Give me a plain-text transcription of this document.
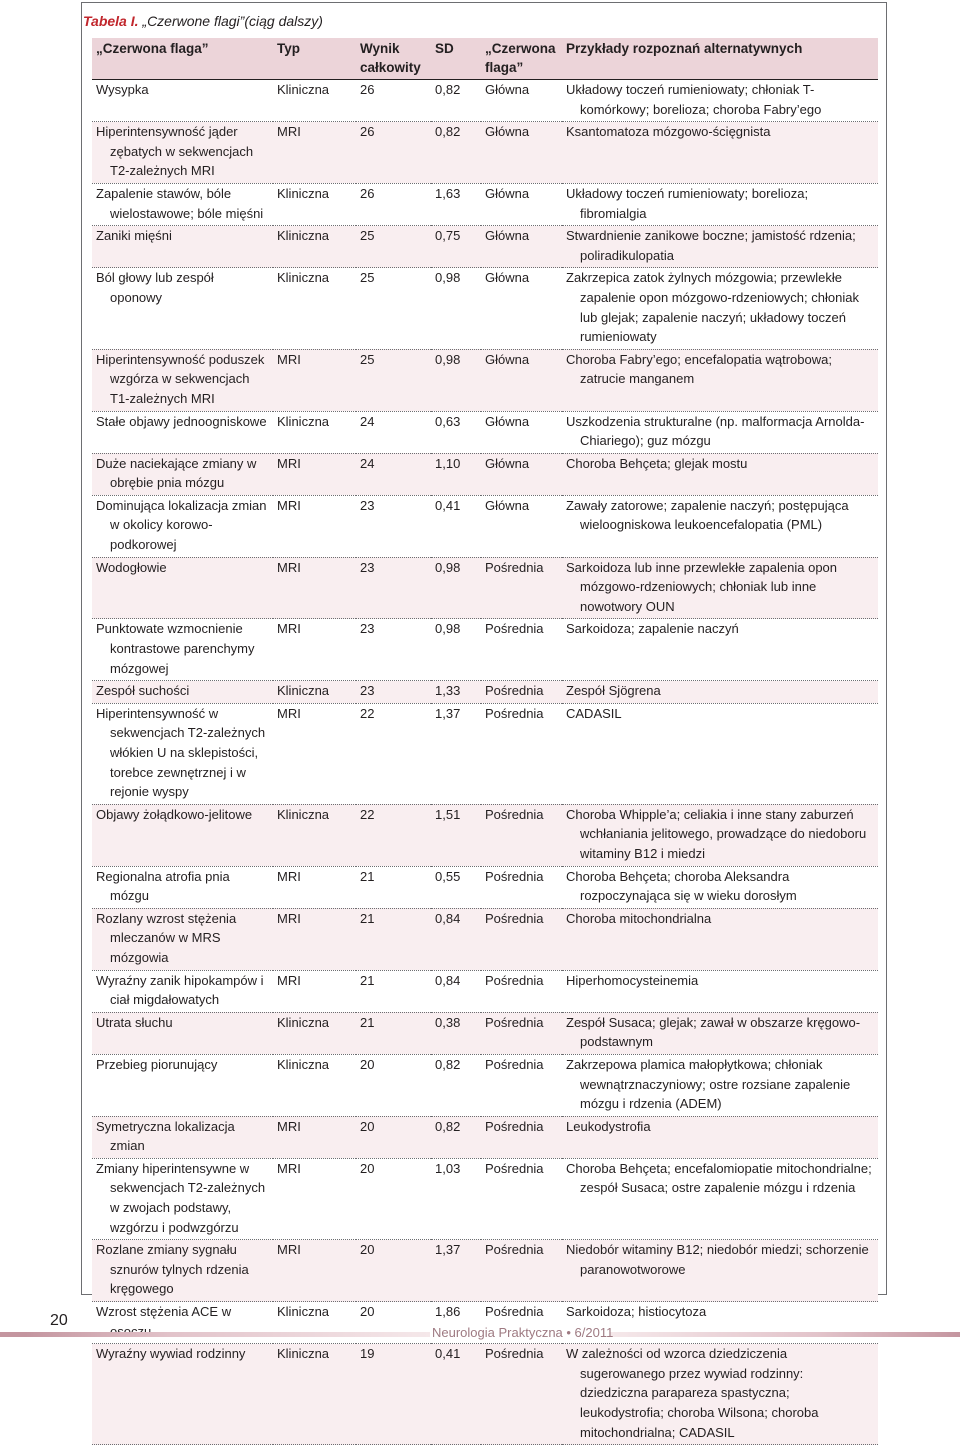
Tabela I. „Czerwone flagi”(ciąg dalszy)
„Czerwona flaga”	Typ	Wynik całkowity	SD	„Czerwona flaga”	Przykłady rozpoznań alternatywnych
Wysypka	Kliniczna	26	0,82	Główna	Układowy toczeń rumieniowaty; chłoniak T-komórkowy; borelioza; choroba Fabry’ego
Hiperintensywność jąder zębatych w sekwencjach T2-zależnych MRI	MRI	26	0,82	Główna	Ksantomatoza mózgowo-ścięgnista
Zapalenie stawów, bóle wielostawowe; bóle mięśni	Kliniczna	26	1,63	Główna	Układowy toczeń rumieniowaty; borelioza; fibromialgia
Zaniki mięśni	Kliniczna	25	0,75	Główna	Stwardnienie zanikowe boczne; jamistość rdzenia; poliradikulopatia
Ból głowy lub zespół oponowy	Kliniczna	25	0,98	Główna	Zakrzepica zatok żylnych mózgowia; przewlekłe zapalenie opon mózgowo-rdzeniowych; chłoniak lub glejak; zapalenie naczyń; układowy toczeń rumieniowaty
Hiperintensywność poduszek wzgórza w sekwencjach T1-zależnych MRI	MRI	25	0,98	Główna	Choroba Fabry’ego; encefalopatia wątrobowa; zatrucie manganem
Stałe objawy jednoogniskowe	Kliniczna	24	0,63	Główna	Uszkodzenia strukturalne (np. malformacja Arnolda-Chiariego); guz mózgu
Duże naciekające zmiany w obrębie pnia mózgu	MRI	24	1,10	Główna	Choroba Behçeta; glejak mostu
Dominująca lokalizacja zmian w okolicy korowo-podkorowej	MRI	23	0,41	Główna	Zawały zatorowe; zapalenie naczyń; postępująca wieloogniskowa leukoencefalopatia (PML)
Wodogłowie	MRI	23	0,98	Pośrednia	Sarkoidoza lub inne przewlekłe zapalenia opon mózgowo-rdzeniowych; chłoniak lub inne nowotwory OUN
Punktowate wzmocnienie kontrastowe parenchymy mózgowej	MRI	23	0,98	Pośrednia	Sarkoidoza; zapalenie naczyń
Zespół suchości	Kliniczna	23	1,33	Pośrednia	Zespół Sjögrena
Hiperintensywność w sekwencjach T2-zależnych włókien U na sklepistości, torebce zewnętrznej i w rejonie wyspy	MRI	22	1,37	Pośrednia	CADASIL
Objawy żołądkowo-jelitowe	Kliniczna	22	1,51	Pośrednia	Choroba Whipple’a; celiakia i inne stany zaburzeń wchłaniania jelitowego, prowadzące do niedoboru witaminy B12 i miedzi
Regionalna atrofia pnia mózgu	MRI	21	0,55	Pośrednia	Choroba Behçeta; choroba Aleksandra rozpoczynająca się w wieku dorosłym
Rozlany wzrost stężenia mleczanów w MRS mózgowia	MRI	21	0,84	Pośrednia	Choroba mitochondrialna
Wyraźny zanik hipokampów i ciał migdałowatych	MRI	21	0,84	Pośrednia	Hiperhomocysteinemia
Utrata słuchu	Kliniczna	21	0,38	Pośrednia	Zespół Susaca; glejak; zawał w obszarze kręgowo-podstawnym
Przebieg piorunujący	Kliniczna	20	0,82	Pośrednia	Zakrzepowa plamica małopłytkowa; chłoniak wewnątrznaczyniowy; ostre rozsiane zapalenie mózgu i rdzenia (ADEM)
Symetryczna lokalizacja zmian	MRI	20	0,82	Pośrednia	Leukodystrofia
Zmiany hiperintensywne w sekwencjach T2-zależnych w zwojach podstawy, wzgórzu i podwzgórzu	MRI	20	1,03	Pośrednia	Choroba Behçeta; encefalomiopatie mitochondrialne; zespół Susaca; ostre zapalenie mózgu i rdzenia
Rozlane zmiany sygnału sznurów tylnych rdzenia kręgowego	MRI	20	1,37	Pośrednia	Niedobór witaminy B12; niedobór miedzi; schorzenie paranowotworowe
Wzrost stężenia ACE w	Kliniczna	20	1,86	Pośrednia	Sarkoidoza; histiocytoza
Wyraźny wywiad rodzinny	Kliniczna	19	0,41	Pośrednia	W zależności od wzorca dziedziczenia sugerowanego przez wywiad rodzinny: dziedziczna parapareza spastyczna; leukodystrofia; choroba Wilsona; choroba mitochondrialna; CADASIL
20
Neurologia Praktyczna • 6/2011
